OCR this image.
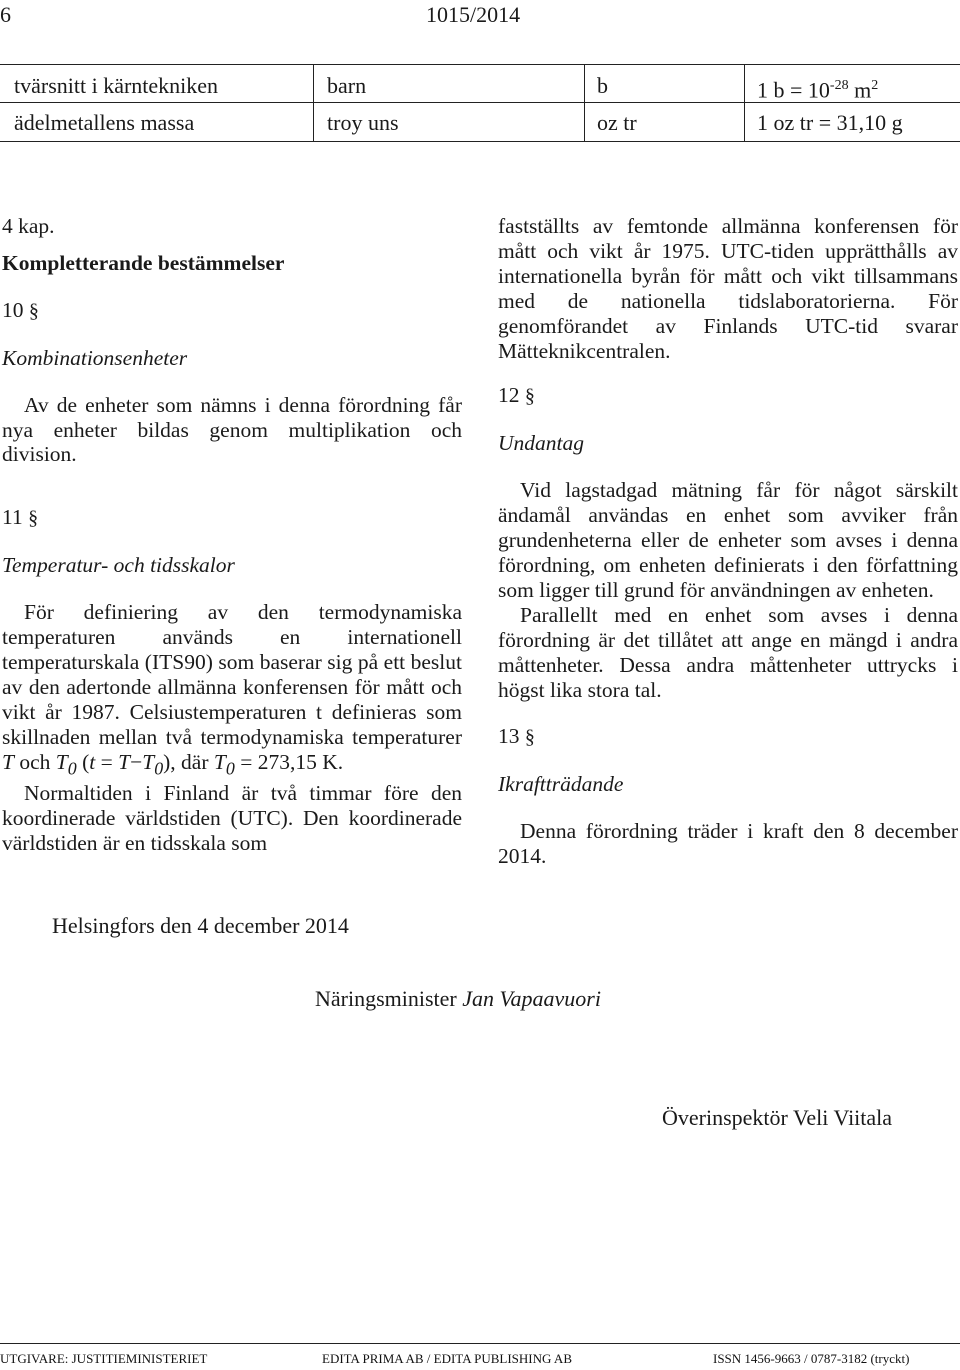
6	1015/2014
tvärsnitt i kärntekniken	barn	b	1 $b = 10^{-28}$ $m^2$
ädelmetallens massa	troy uns	oz tr	1 oz tr = 31,10 g

4 kap.

Kompletterande bestämmelser

10 §

Kombinationsenheter

Av de enheter som nämns i denna förordning får nya enheter bildas genom multiplikation och division.

11 §

Temperatur- och tidsskalor

För definiering av den termodynamiska temperaturen används en internationell temperaturskala (ITS90) som baserar sig på ett beslut av den adertonde allmänna konferensen för mått och vikt år 1987. Celsiustemperaturen t definieras som skillnaden mellan två termodynamiska temperaturer T och $T_0$ $(t = T-T_0)$, där $T_0 = 273,15$ K.

Normaltiden i Finland är två timmar före den koordinerade världstiden (UTC). Den koordinerade världstiden är en tidsskala som

fastställts av femtonde allmänna konferensen för mått och vikt år 1975. UTC-tiden upprätthålls av internationella byrån för mått och vikt tillsammans med de nationella tidslaboratorierna. För genomförandet av Finlands UTC-tid svarar Mätteknikcentralen.

12 §

Undantag

Vid lagstadgad mätning får för något särskilt ändamål användas en enhet som avviker från grundenheterna eller de enheter som avses i denna förordning, om enheten definierats i den författning som ligger till grund för användningen av enheten.

Parallellt med en enhet som avses i denna förordning är det tillåtet att ange en mängd i andra måttenheter. Dessa andra måttenheter uttrycks i högst lika stora tal.

13 §

Ikraftträdande

Denna förordning träder i kraft den 8 december 2014.

Helsingfors den 4 december 2014
Näringsminister Jan Vapaavuori
Överinspektör Veli Viitala
UTGIVARE: JUSTITIEMINISTERIET	EDITA PRIMA AB / EDITA PUBLISHING AB	ISSN 1456-9663 / 0787-3182 (tryckt)
